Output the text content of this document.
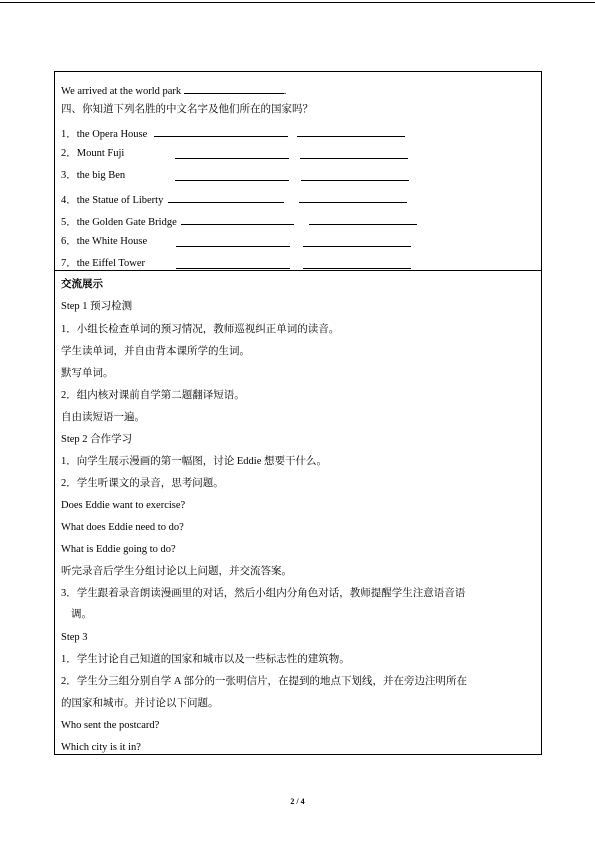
We arrived at the world park	.
四、你知道下列名胜的中文名字及他们所在的国家吗？
1．the Opera House
2．Mount Fuji
3．the big Ben
4．the Statue of Liberty
5．the Golden Gate Bridge
6．the White House
7．the Eiffel Tower
交流展示
Step 1 预习检测
1．小组长检查单词的预习情况，教师巡视纠正单词的读音。
学生读单词，并自由背本课所学的生词。
默写单词。
2．组内核对课前自学第二题翻译短语。
自由读短语一遍。
Step 2 合作学习
1．向学生展示漫画的第一幅图，讨论 Eddie 想要干什么。
2．学生听课文的录音，思考问题。
Does Eddie want to exercise?
What does Eddie need to do?
What is Eddie going to do?
听完录音后学生分组讨论以上问题，并交流答案。
3．学生跟着录音朗读漫画里的对话，然后小组内分角色对话，教师提醒学生注意语音语
调。
Step 3
1．学生讨论自己知道的国家和城市以及一些标志性的建筑物。
2．学生分三组分别自学 A 部分的一张明信片，在提到的地点下划线，并在旁边注明所在
的国家和城市。并讨论以下问题。
Who sent the postcard?
Which city is it in?
2 / 4
